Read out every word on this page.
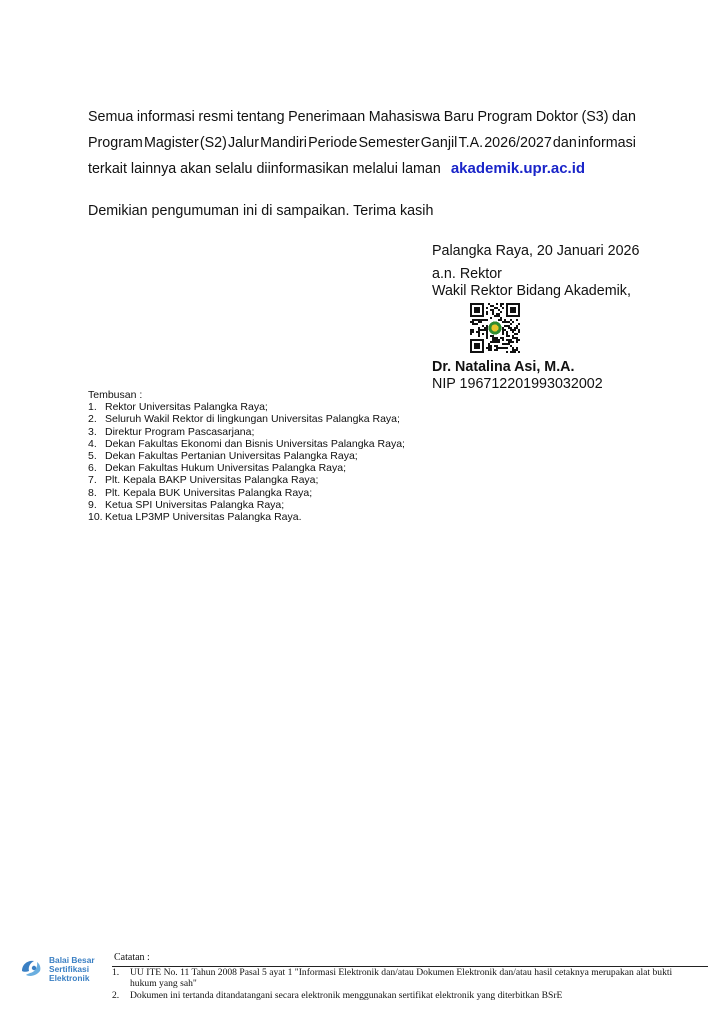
Semua informasi resmi tentang Penerimaan Mahasiswa Baru Program Doktor (S3) dan
Program Magister (S2) Jalur Mandiri Periode Semester Ganjil T.A. 2026/2027 dan informasi
terkait lainnya akan selalu diinformasikan melalui laman akademik.upr.ac.id
Demikian pengumuman ini di sampaikan. Terima kasih
Palangka Raya, 20 Januari 2026
a.n. Rektor
Wakil Rektor Bidang Akademik,
Dr. Natalina Asi, M.A.
NIP 196712201993032002
Tembusan :
1. Rektor Universitas Palangka Raya;
2. Seluruh Wakil Rektor di lingkungan Universitas Palangka Raya;
3. Direktur Program Pascasarjana;
4. Dekan Fakultas Ekonomi dan Bisnis Universitas Palangka Raya;
5. Dekan Fakultas Pertanian Universitas Palangka Raya;
6. Dekan Fakultas Hukum Universitas Palangka Raya;
7. Plt. Kepala BAKP Universitas Palangka Raya;
8. Plt. Kepala BUK Universitas Palangka Raya;
9. Ketua SPI Universitas Palangka Raya;
10. Ketua LP3MP Universitas Palangka Raya.
Balai Besar
Sertifikasi
Elektronik
Catatan :
1.	UU ITE No. 11 Tahun 2008 Pasal 5 ayat 1 "Informasi Elektronik dan/atau Dokumen Elektronik dan/atau hasil cetaknya merupakan alat bukti hukum yang sah"
2.	Dokumen ini tertanda ditandatangani secara elektronik menggunakan sertifikat elektronik yang diterbitkan BSrE
